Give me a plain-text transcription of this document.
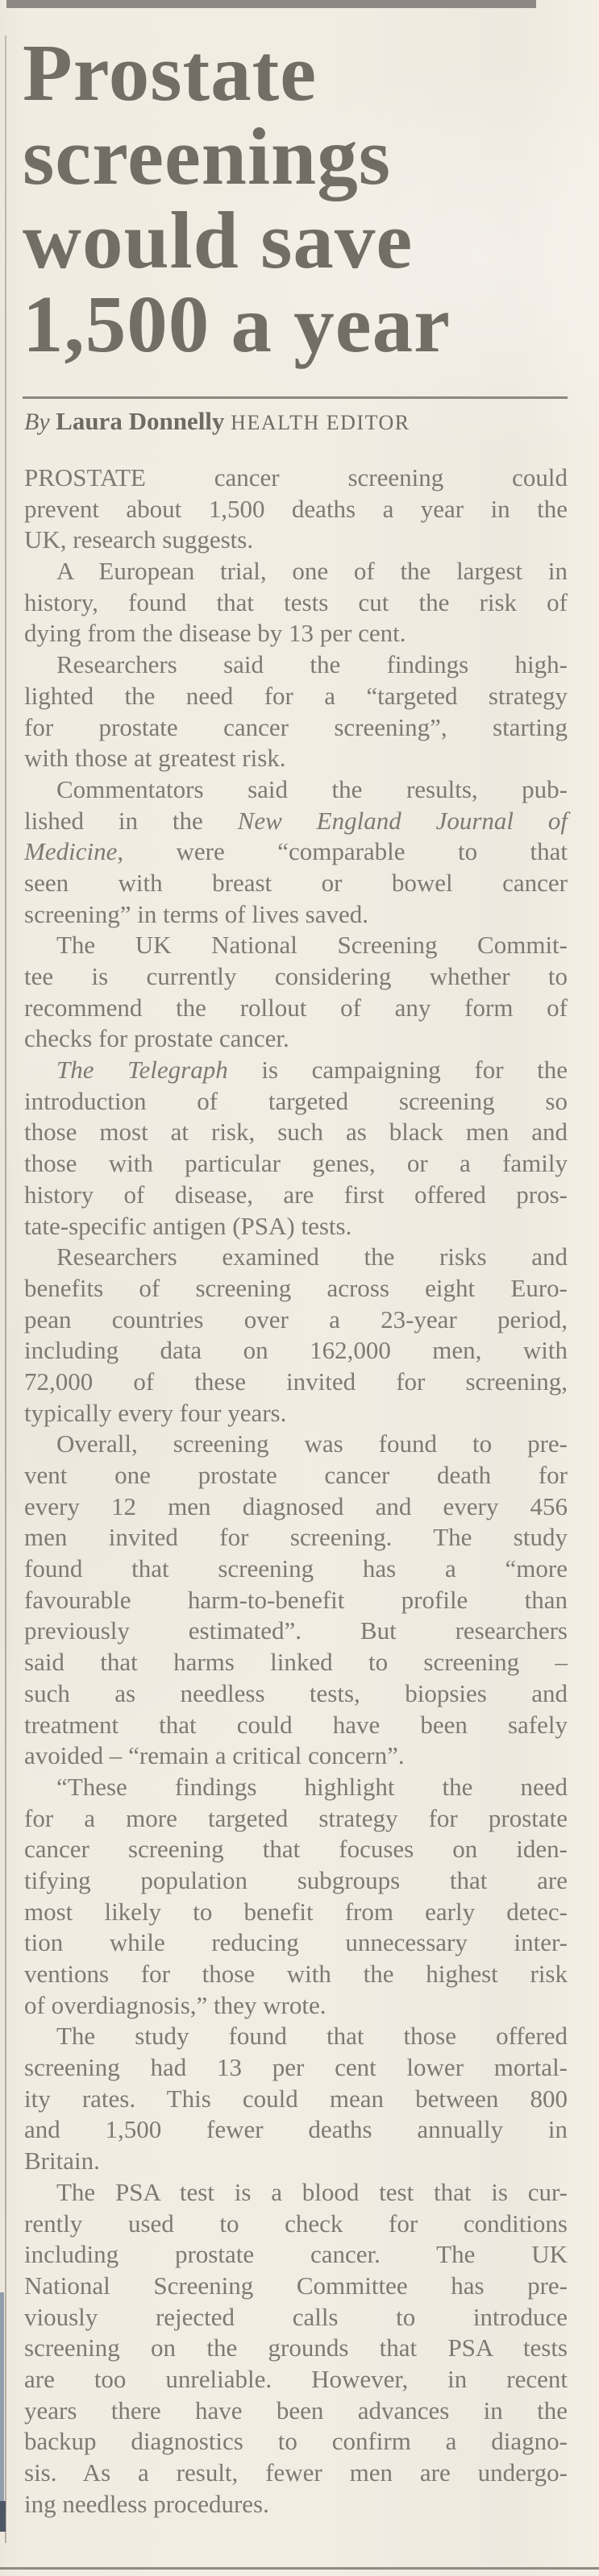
Prostate
screenings
would save
1,500 a year
By Laura Donnelly HEALTH EDITOR
PROSTATE cancer screening could
prevent about 1,500 deaths a year in the
UK, research suggests.
A European trial, one of the largest in
history, found that tests cut the risk of
dying from the disease by 13 per cent.
Researchers said the findings high-
lighted the need for a “targeted strategy
for prostate cancer screening”, starting
with those at greatest risk.
Commentators said the results, pub-
lished in the New England Journal of
Medicine, were “comparable to that
seen with breast or bowel cancer
screening” in terms of lives saved.
The UK National Screening Commit-
tee is currently considering whether to
recommend the rollout of any form of
checks for prostate cancer.
The Telegraph is campaigning for the
introduction of targeted screening so
those most at risk, such as black men and
those with particular genes, or a family
history of disease, are first offered pros-
tate-specific antigen (PSA) tests.
Researchers examined the risks and
benefits of screening across eight Euro-
pean countries over a 23-year period,
including data on 162,000 men, with
72,000 of these invited for screening,
typically every four years.
Overall, screening was found to pre-
vent one prostate cancer death for
every 12 men diagnosed and every 456
men invited for screening. The study
found that screening has a “more
favourable harm-to-benefit profile than
previously estimated”. But researchers
said that harms linked to screening –
such as needless tests, biopsies and
treatment that could have been safely
avoided – “remain a critical concern”.
“These findings highlight the need
for a more targeted strategy for prostate
cancer screening that focuses on iden-
tifying population subgroups that are
most likely to benefit from early detec-
tion while reducing unnecessary inter-
ventions for those with the highest risk
of overdiagnosis,” they wrote.
The study found that those offered
screening had 13 per cent lower mortal-
ity rates. This could mean between 800
and 1,500 fewer deaths annually in
Britain.
The PSA test is a blood test that is cur-
rently used to check for conditions
including prostate cancer. The UK
National Screening Committee has pre-
viously rejected calls to introduce
screening on the grounds that PSA tests
are too unreliable. However, in recent
years there have been advances in the
backup diagnostics to confirm a diagno-
sis. As a result, fewer men are undergo-
ing needless procedures.
